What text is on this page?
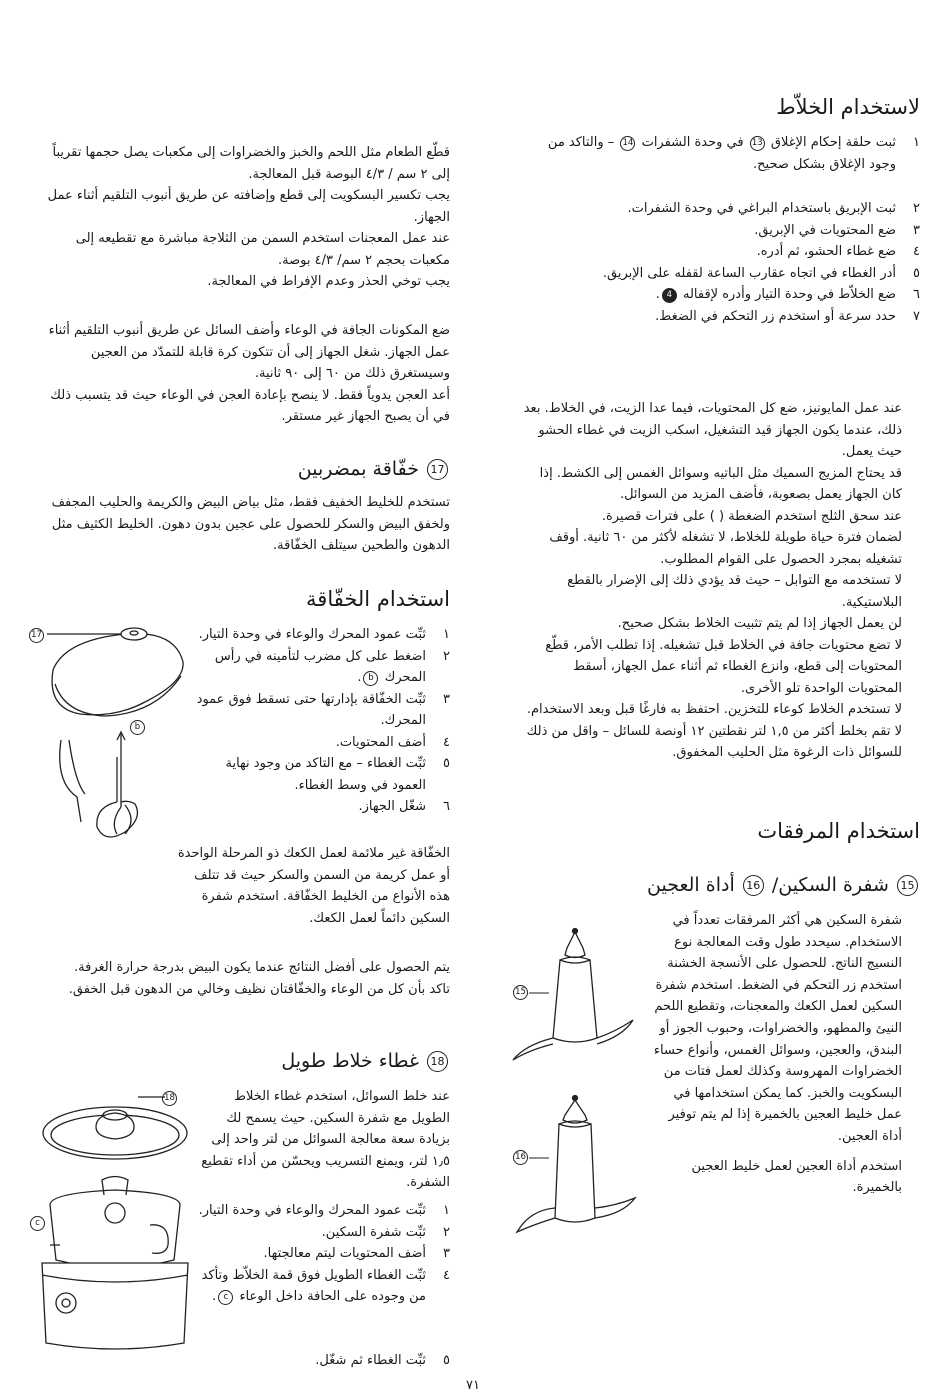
لاستخدام الخلاّط
١
ثبت حلقة إحكام الإغلاق 13 في وحدة الشفرات 14 – والتاكد من وجود الإغلاق بشكل صحيح.
٢
ثبت الإبريق باستخدام البراغي في وحدة الشفرات.
٣
ضع المحتويات في الإبريق.
٤
ضع غطاء الحشو، ثم أدره.
٥
أدر الغطاء في اتجاه عقارب الساعة لقفله على الإبريق.
٦
ضع الخلاّط في وحدة التيار وأدره لإقفاله 4.
٧
حدد سرعة أو استخدم زر التحكم في الضغط.

عند عمل المايونيز، ضع كل المحتويات، فيما عدا الزيت، في الخلاط. بعد ذلك، عندما يكون الجهاز قيد التشغيل، اسكب الزيت في غطاء الحشو حيث يعمل.

قد يحتاج المزيج السميك مثل الباتيه وسوائل الغمس إلى الكشط. إذا كان الجهاز يعمل بصعوبة، فأضف المزيد من السوائل.

عند سحق الثلج استخدم الضغطة ( ) على فترات قصيرة.

لضمان فترة حياة طويلة للخلاط، لا تشغله لأكثر من ٦٠ ثانية. أوقف تشغيله بمجرد الحصول على القوام المطلوب.

لا تستخدمه مع التوابل – حيث قد يؤدي ذلك إلى الإضرار بالقطع البلاستيكية.

لن يعمل الجهاز إذا لم يتم تثبيت الخلاط بشكل صحيح.

لا تضع محتويات جافة في الخلاط قبل تشغيله. إذا تطلب الأمر، قطّع المحتويات إلى قطع، وانزع الغطاء ثم أثناء عمل الجهاز، أسقط المحتويات الواحدة تلو الأخرى.

لا تستخدم الخلاط كوعاء للتخزين. احتفظ به فارغًا قبل وبعد الاستخدام.

لا تقم بخلط أكثر من ١,٥ لتر نقطتين ١٢ أونصة للسائل – واقل من ذلك للسوائل ذات الرغوة مثل الحليب المخفوق.

استخدام المرفقات
15 شفرة السكين/ 16 أداة العجين

شفرة السكين هي أكثر المرفقات تعدداً في الاستخدام. سيحدد طول وقت المعالجة نوع النسيج الناتج. للحصول على الأنسجة الخشنة استخدم زر التحكم في الضغط. استخدم شفرة السكين لعمل الكعك والمعجنات، وتقطيع اللحم النيئ والمطهو، والخضراوات، وحبوب الجوز أو البندق، والعجين، وسوائل الغمس، وأنواع حساء الخضراوات المهروسة وكذلك لعمل فتات من البسكويت والخبز. كما يمكن استخدامها في عمل خليط العجين بالخميرة إذا لم يتم توفير أداة العجين.

استخدم أداة العجين لعمل خليط العجين بالخميرة.

15
16

قطّع الطعام مثل اللحم والخبز والخضراوات إلى مكعبات يصل حجمها تقريباً إلى ٢ سم / ٤/٣ البوصة قبل المعالجة.

يجب تكسير البسكويت إلى قطع وإضافته عن طريق أنبوب التلقيم أثناء عمل الجهاز.

عند عمل المعجنات استخدم السمن من الثلاجة مباشرة مع تقطيعه إلى مكعبات بحجم ٢ سم/ ٤/٣ بوصة.

يجب توخي الحذر وعدم الإفراط في المعالجة.

ضع المكونات الجافة في الوعاء وأضف السائل عن طريق أنبوب التلقيم أثناء عمل الجهاز. شغل الجهاز إلى أن تتكون كرة قابلة للتمدّد من العجين وسيستغرق ذلك من ٦٠ إلى ٩٠ ثانية.

أعد العجن يدوياً فقط. لا ينصح بإعادة العجن في الوعاء حيث قد يتسبب ذلك في أن يصبح الجهاز غير مستقر.

17 خفّاقة بمضربين

تستخدم للخليط الخفيف فقط، مثل بياض البيض والكريمة والحليب المجفف ولخفق البيض والسكر للحصول على عجين بدون دهون. الخليط الكثيف مثل الدهون والطحين سيتلف الخفّاقة.

استخدام الخفّاقة
١
ثبِّت عمود المحرك والوعاء في وحدة التيار.
٢
اضغط على كل مضرب لتأمينه في رأس المحرك b.
٣
ثبِّت الخفّاقة بإدارتها حتى تسقط فوق عمود المحرك.
٤
أضف المحتويات.
٥
ثبِّت الغطاء – مع التاكد من وجود نهاية العمود في وسط الغطاء.
٦
شغّل الجهاز.

الخفّاقة غير ملائمة لعمل الكعك ذو المرحلة الواحدة أو عمل كريمة من السمن والسكر حيث قد تتلف هذه الأنواع من الخليط الخفّاقة. استخدم شفرة السكين دائماً لعمل الكعك.

يتم الحصول على أفضل النتائج عندما يكون البيض بدرجة حرارة الغرفة.

تاكد بأن كل من الوعاء والخفّاقتان نظيف وخالي من الدهون قبل الخفق.

17
b
18 غطاء خلاط طويل

عند خلط السوائل، استخدم غطاء الخلاط الطويل مع شفرة السكين. حيث يسمح لك بزيادة سعة معالجة السوائل من لتر واحد إلى ١٫٥ لتر، ويمنع التسريب ويحسّن من أداء تقطيع الشفرة.

١
ثبِّت عمود المحرك والوعاء في وحدة التيار.
٢
ثبِّت شفرة السكين.
٣
أضف المحتويات ليتم معالجتها.
٤
ثبِّت الغطاء الطويل فوق قمة الخلاّط وتأكد من وجوده على الحافة داخل الوعاء c.
٥
ثبِّت الغطاء ثم شغّل.
18
c
٧١
